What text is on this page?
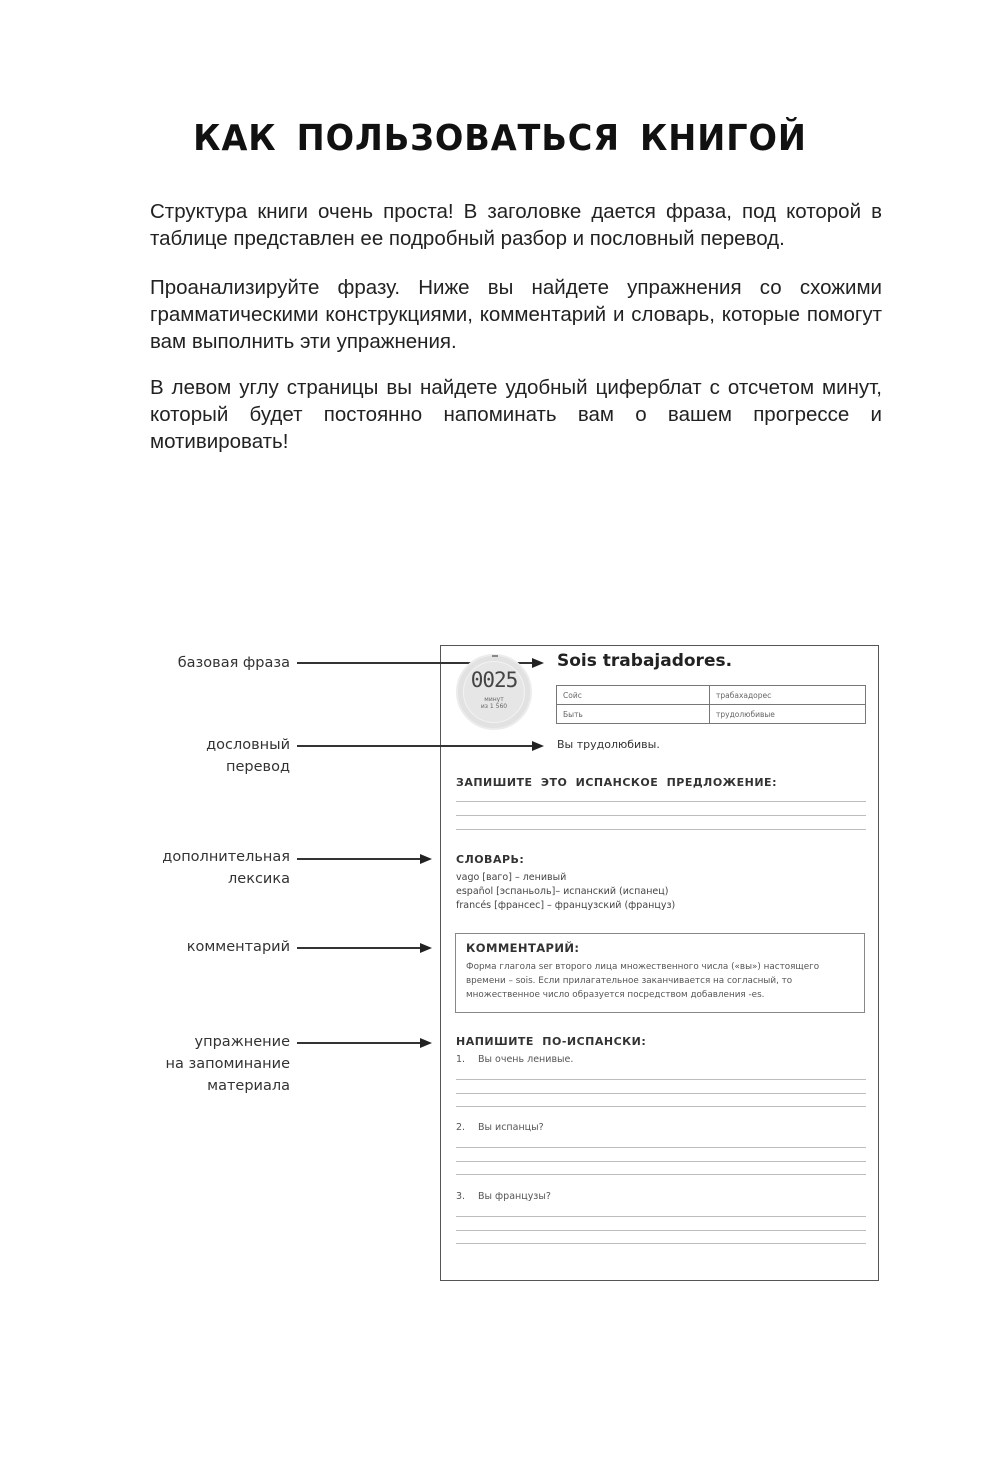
КАК ПОЛЬЗОВАТЬСЯ КНИГОЙ
Структура книги очень проста! В заголовке дается фраза, под которой в таблице представлен ее подробный разбор и пословный перевод.
Проанализируйте фразу. Ниже вы найдете упражнения со схожими грамматическими конструкциями, комментарий и словарь, которые помогут вам выполнить эти упражнения.
В левом углу страницы вы найдете удобный циферблат с отсчетом минут, который будет постоянно напоминать вам о вашем прогрессе и мотивировать!
базовая фраза
дословный
перевод
дополнительная
лексика
комментарий
упражнение
на запоминание
материала
0025
минут
из 1 560
Sois trabajadores.
Сойс	трабахадорес
Быть	трудолюбивые
Вы трудолюбивы.
ЗАПИШИТЕ ЭТО ИСПАНСКОЕ ПРЕДЛОЖЕНИЕ:
СЛОВАРЬ:
vago [ваго] – ленивый
español [эспаньоль]– испанский (испанец)
francés [франсес] – французский (француз)
КОММЕНТАРИЙ:
Форма глагола ser второго лица множественного числа («вы») настоящего времени – sois. Если прилагательное заканчивается на согласный, то множественное число образуется посредством добавления -es.
НАПИШИТЕ ПО-ИСПАНСКИ:
1. Вы очень ленивые.
2. Вы испанцы?
3. Вы французы?
